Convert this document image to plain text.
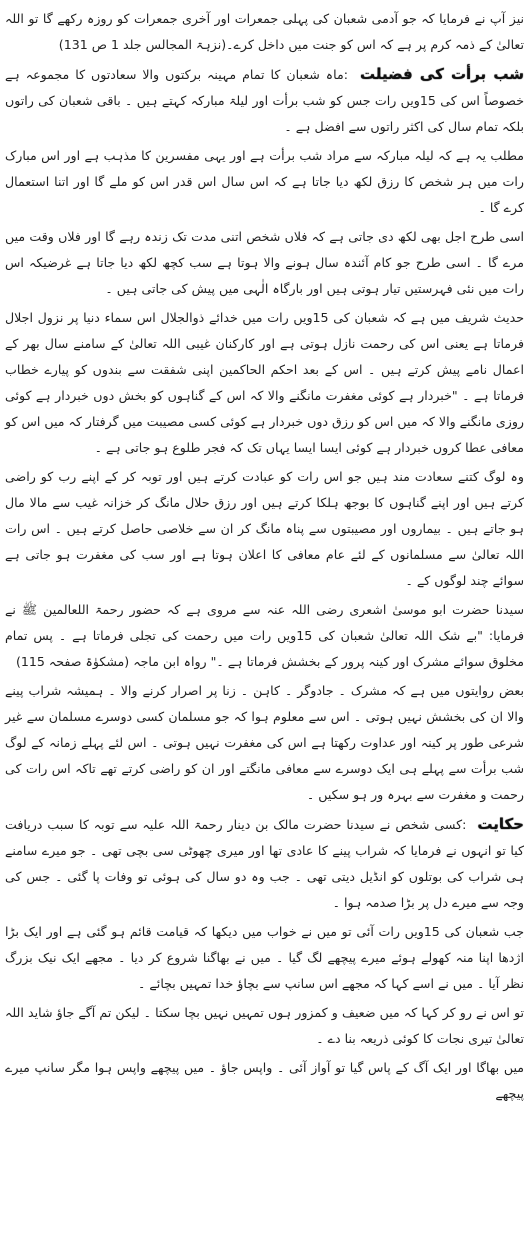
نیز آپ نے فرمایا کہ جو آدمی شعبان کی پہلی جمعرات اور آخری جمعرات کو روزہ رکھے گا تو اللہ تعالیٰ کے ذمہ کرم پر ہے کہ اس کو جنت میں داخل کرے۔(نزہۃ المجالس جلد 1 ص 131)

شب برأت کی فضیلت :ماہ شعبان کا تمام مہینہ برکتوں والا سعادتوں کا مجموعہ ہے خصوصاً اس کی 15ویں رات جس کو شب برأت اور لیلۃ مبارکہ کہتے ہیں ۔ باقی شعبان کی راتوں بلکہ تمام سال کی اکثر راتوں سے افضل ہے ۔

مطلب یہ ہے کہ لیلہ مبارکہ سے مراد شب برأت ہے اور یہی مفسرین کا مذہب ہے اور اس مبارک رات میں ہر شخص کا رزق لکھ دیا جاتا ہے کہ اس سال اس قدر اس کو ملے گا اور اتنا استعمال کرے گا ۔

اسی طرح اجل بھی لکھ دی جاتی ہے کہ فلاں شخص اتنی مدت تک زندہ رہے گا اور فلاں وقت میں مرے گا ۔ اسی طرح جو کام آئندہ سال ہونے والا ہوتا ہے سب کچھ لکھ دیا جاتا ہے غرضیکہ اس رات میں نئی فہرستیں تیار ہوتی ہیں اور بارگاہ الٰہی میں پیش کی جاتی ہیں ۔

حدیث شریف میں ہے کہ شعبان کی 15ویں رات میں خدائے ذوالجلال اس سماء دنیا پر نزول اجلال فرماتا ہے یعنی اس کی رحمت نازل ہوتی ہے اور کارکنان غیبی اللہ تعالیٰ کے سامنے سال بھر کے اعمال نامے پیش کرتے ہیں ۔ اس کے بعد احکم الحاکمین اپنی شفقت سے بندوں کو پیارے خطاب فرماتا ہے ۔ "خبردار ہے کوئی مغفرت مانگنے والا کہ اس کے گناہوں کو بخش دوں خبردار ہے کوئی روزی مانگنے والا کہ میں اس کو رزق دوں خبردار ہے کوئی کسی مصیبت میں گرفتار کہ میں اس کو معافی عطا کروں خبردار ہے کوئی ایسا ایسا یہاں تک کہ فجر طلوع ہو جاتی ہے ۔

وہ لوگ کتنے سعادت مند ہیں جو اس رات کو عبادت کرتے ہیں اور توبہ کر کے اپنے رب کو راضی کرتے ہیں اور اپنے گناہوں کا بوجھ ہلکا کرتے ہیں اور رزق حلال مانگ کر خزانہ غیب سے مالا مال ہو جاتے ہیں ۔ بیماروں اور مصیبتوں سے پناہ مانگ کر ان سے خلاصی حاصل کرتے ہیں ۔ اس رات اللہ تعالیٰ سے مسلمانوں کے لئے عام معافی کا اعلان ہوتا ہے اور سب کی مغفرت ہو جاتی ہے سوائے چند لوگوں کے ۔

سیدنا حضرت ابو موسیٰ اشعری رضی اللہ عنہ سے مروی ہے کہ حضور رحمۃ اللعالمین ﷺ نے فرمایا: "بے شک اللہ تعالیٰ شعبان کی 15ویں رات میں رحمت کی تجلی فرماتا ہے ۔ پس تمام مخلوق سوائے مشرک اور کینہ پرور کے بخشش فرماتا ہے ۔" رواہ ابن ماجہ (مشکوٰۃ صفحہ 115)

بعض روایتوں میں ہے کہ مشرک ۔ جادوگر ۔ کاہن ۔ زنا پر اصرار کرنے والا ۔ ہمیشہ شراب پینے والا ان کی بخشش نہیں ہوتی ۔ اس سے معلوم ہوا کہ جو مسلمان کسی دوسرے مسلمان سے غیر شرعی طور پر کینہ اور عداوت رکھتا ہے اس کی مغفرت نہیں ہوتی ۔ اس لئے پہلے زمانہ کے لوگ شب برأت سے پہلے ہی ایک دوسرے سے معافی مانگتے اور ان کو راضی کرتے تھے تاکہ اس رات کی رحمت و مغفرت سے بہرہ ور ہو سکیں ۔

حکایت :کسی شخص نے سیدنا حضرت مالک بن دینار رحمۃ اللہ علیہ سے توبہ کا سبب دریافت کیا تو انہوں نے فرمایا کہ شراب پینے کا عادی تھا اور میری چھوٹی سی بچی تھی ۔ جو میرے سامنے ہی شراب کی بوتلوں کو انڈیل دیتی تھی ۔ جب وہ دو سال کی ہوئی تو وفات پا گئی ۔ جس کی وجہ سے میرے دل پر بڑا صدمہ ہوا ۔

جب شعبان کی 15ویں رات آئی تو میں نے خواب میں دیکھا کہ قیامت قائم ہو گئی ہے اور ایک بڑا اژدھا اپنا منہ کھولے ہوئے میرے پیچھے لگ گیا ۔ میں نے بھاگنا شروع کر دیا ۔ مجھے ایک نیک بزرگ نظر آیا ۔ میں نے اسے کہا کہ مجھے اس سانپ سے بچاؤ خدا تمہیں بچائے ۔

تو اس نے رو کر کہا کہ میں ضعیف و کمزور ہوں تمہیں نہیں بچا سکتا ۔ لیکن تم آگے جاؤ شاید اللہ تعالیٰ تیری نجات کا کوئی ذریعہ بنا دے ۔

میں بھاگا اور ایک آگ کے پاس گیا تو آواز آئی ۔ واپس جاؤ ۔ میں پیچھے واپس ہوا مگر سانپ میرے پیچھے
